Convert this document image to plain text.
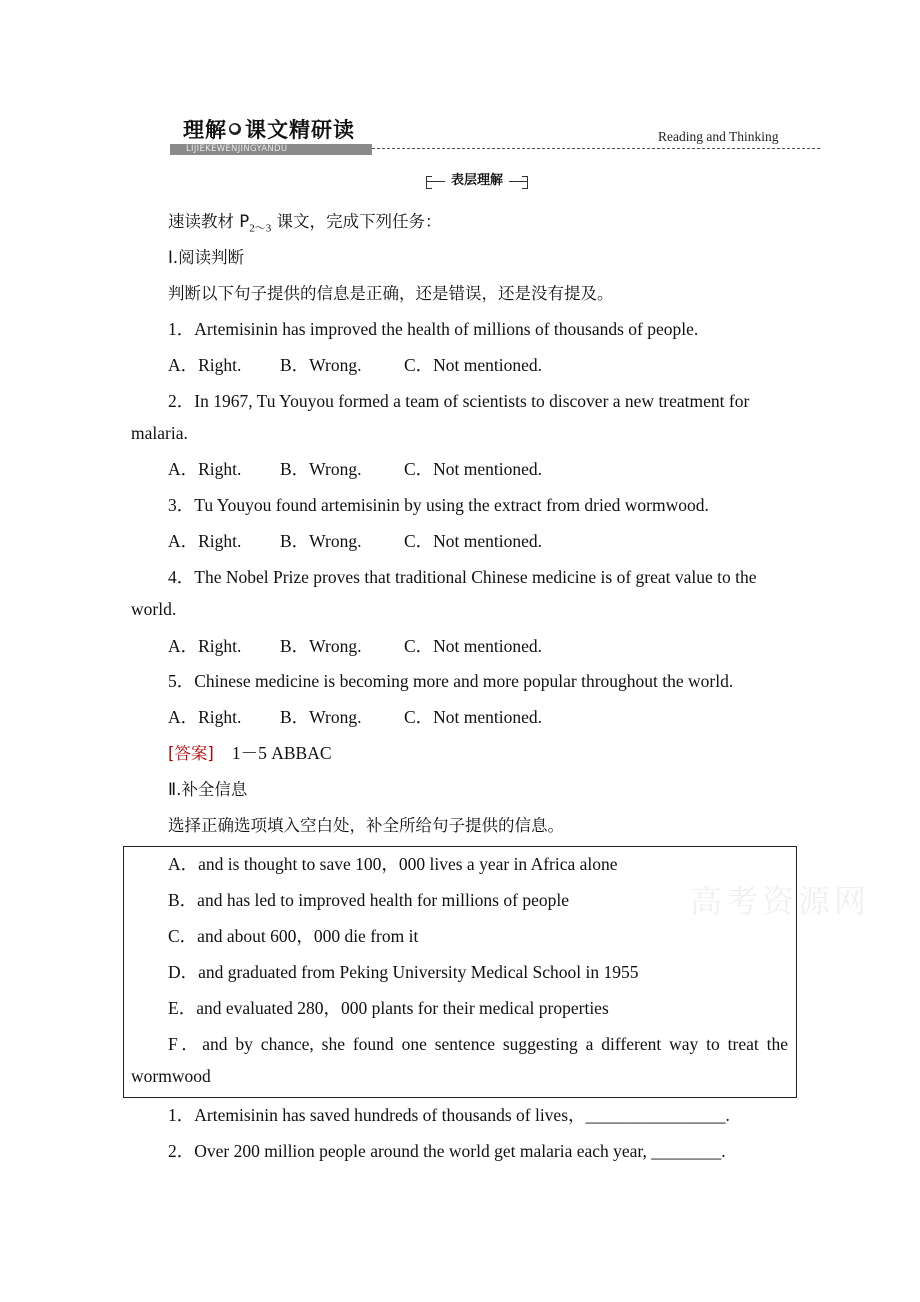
理解 ● 课文精研读
LIJIEKEWENJINGYANDU
Reading and Thinking
表层理解
速读教材 $P_{2\sim 3}$ 课文，完成下列任务：
Ⅰ.阅读判断
判断以下句子提供的信息是正确，还是错误，还是没有提及。
1．Artemisinin has improved the health of millions of thousands of people.
A．Right. B．Wrong. C．Not mentioned.
2．In 1967, Tu Youyou formed a team of scientists to discover a new treatment for
malaria.
A．Right. B．Wrong. C．Not mentioned.
3．Tu Youyou found artemisinin by using the extract from dried wormwood.
A．Right. B．Wrong. C．Not mentioned.
4．The Nobel Prize proves that traditional Chinese medicine is of great value to the
world.
A．Right. B．Wrong. C．Not mentioned.
5．Chinese medicine is becoming more and more popular throughout the world.
A．Right. B．Wrong. C．Not mentioned.
[答案] 1－5 ABBAC
Ⅱ.补全信息
选择正确选项填入空白处，补全所给句子提供的信息。
高考资源网
A．and is thought to save 100，000 lives a year in Africa alone
B．and has led to improved health for millions of people
C．and about 600，000 die from it
D．and graduated from Peking University Medical School in 1955
E．and evaluated 280，000 plants for their medical properties
F．and by chance, she found one sentence suggesting a different way to treat the
wormwood
1．Artemisinin has saved hundreds of thousands of lives，________________.
2．Over 200 million people around the world get malaria each year, ________.
